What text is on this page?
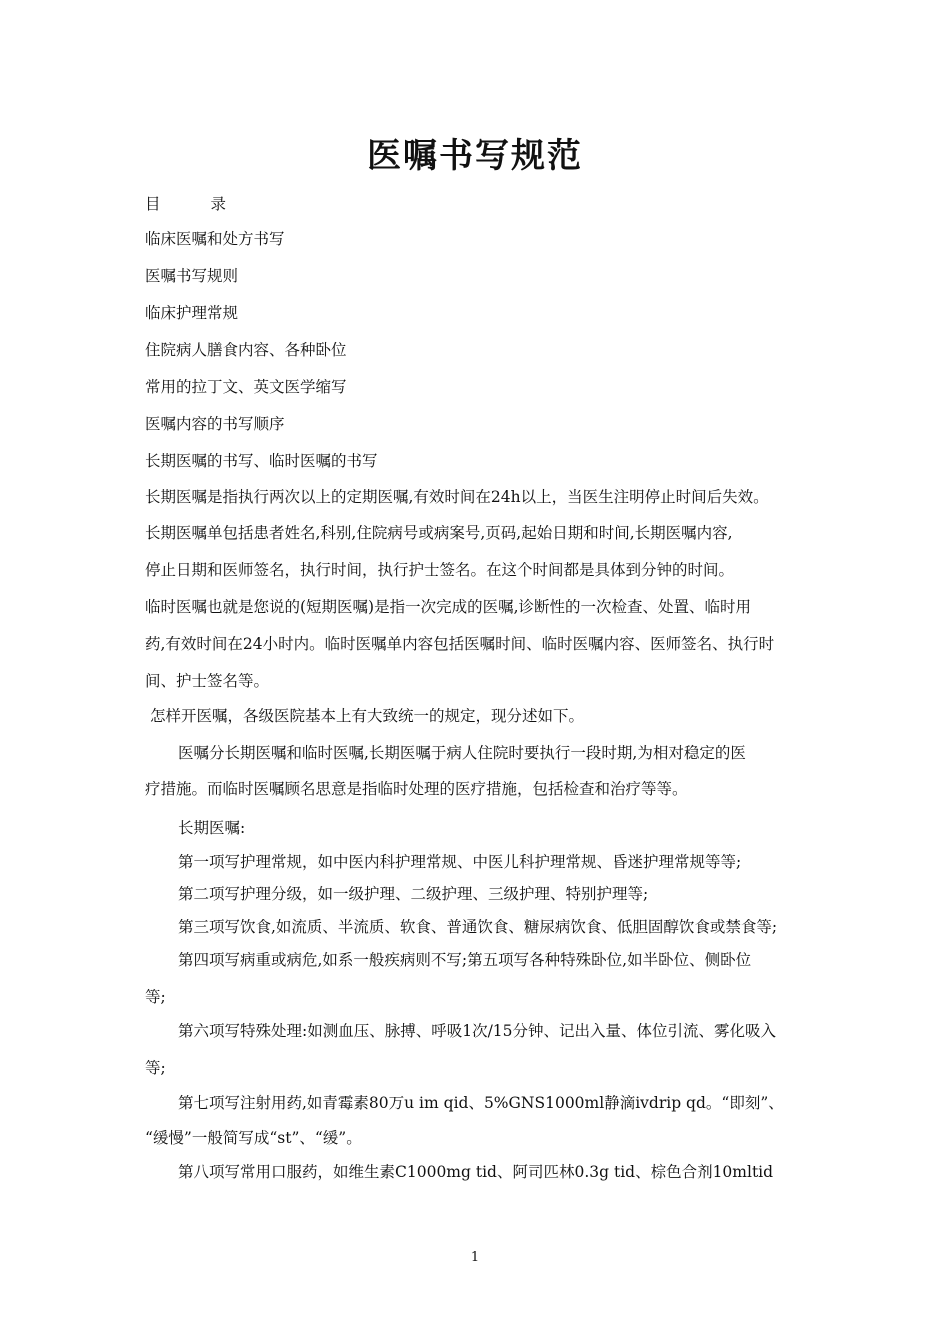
医嘱书写规范
目	录
临床医嘱和处方书写
医嘱书写规则
临床护理常规
住院病人膳食内容、各种卧位
常用的拉丁文、英文医学缩写
医嘱内容的书写顺序
长期医嘱的书写、临时医嘱的书写
长期医嘱是指执行两次以上的定期医嘱,有效时间在24h以上，当医生注明停止时间后失效。
长期医嘱单包括患者姓名,科别,住院病号或病案号,页码,起始日期和时间,长期医嘱内容,
停止日期和医师签名，执行时间，执行护士签名。在这个时间都是具体到分钟的时间。
临时医嘱也就是您说的(短期医嘱)是指一次完成的医嘱,诊断性的一次检查、处置、临时用
药,有效时间在24小时内。临时医嘱单内容包括医嘱时间、临时医嘱内容、医师签名、执行时
间、护士签名等。
怎样开医嘱，各级医院基本上有大致统一的规定，现分述如下。
医嘱分长期医嘱和临时医嘱,长期医嘱于病人住院时要执行一段时期,为相对稳定的医
疗措施。而临时医嘱顾名思意是指临时处理的医疗措施，包括检查和治疗等等。
长期医嘱:
第一项写护理常规，如中医内科护理常规、中医儿科护理常规、昏迷护理常规等等;
第二项写护理分级，如一级护理、二级护理、三级护理、特别护理等;
第三项写饮食,如流质、半流质、软食、普通饮食、糖尿病饮食、低胆固醇饮食或禁食等;
第四项写病重或病危,如系一般疾病则不写;第五项写各种特殊卧位,如半卧位、侧卧位
等;
第六项写特殊处理:如测血压、脉搏、呼吸1次/15分钟、记出入量、体位引流、雾化吸入
等;
第七项写注射用药,如青霉素80万u im qid、5%GNS1000ml静滴ivdrip qd。“即刻”、
“缓慢”一般简写成“st”、“缓”。
第八项写常用口服药，如维生素C1000mg tid、阿司匹林0.3g tid、棕色合剂10mltid
1
